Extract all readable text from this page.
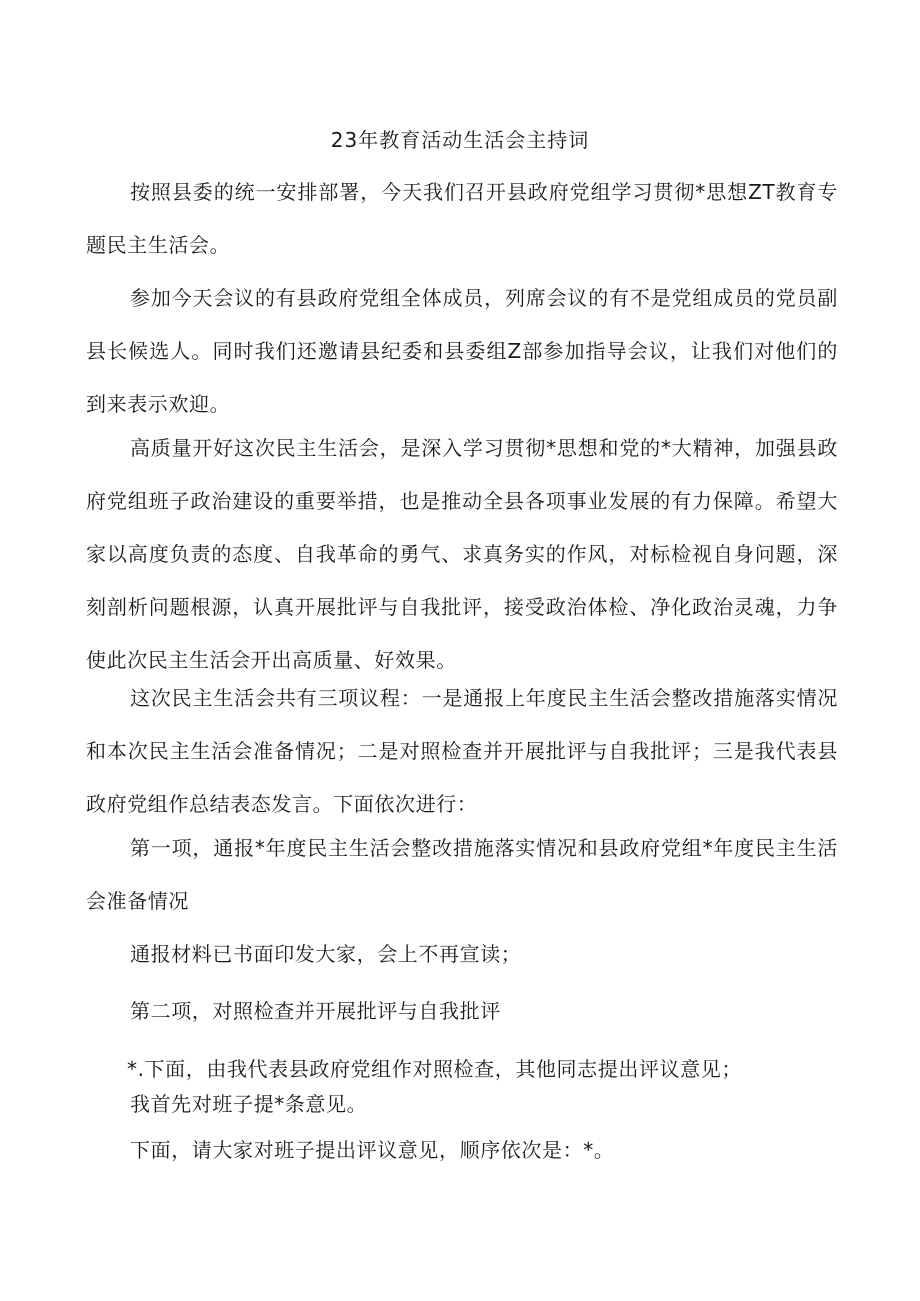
23年教育活动生活会主持词

按照县委的统一安排部署，今天我们召开县政府党组学习贯彻*思想ZT教育专题民主生活会。

参加今天会议的有县政府党组全体成员，列席会议的有不是党组成员的党员副县长候选人。同时我们还邀请县纪委和县委组Z部参加指导会议，让我们对他们的到来表示欢迎。

高质量开好这次民主生活会，是深入学习贯彻*思想和党的*大精神，加强县政府党组班子政治建设的重要举措，也是推动全县各项事业发展的有力保障。希望大家以高度负责的态度、自我革命的勇气、求真务实的作风，对标检视自身问题，深刻剖析问题根源，认真开展批评与自我批评，接受政治体检、净化政治灵魂，力争使此次民主生活会开出高质量、好效果。

这次民主生活会共有三项议程：一是通报上年度民主生活会整改措施落实情况和本次民主生活会准备情况；二是对照检查并开展批评与自我批评；三是我代表县政府党组作总结表态发言。下面依次进行：

第一项，通报*年度民主生活会整改措施落实情况和县政府党组*年度民主生活会准备情况

通报材料已书面印发大家，会上不再宣读；
第二项，对照检查并开展批评与自我批评
*.下面，由我代表县政府党组作对照检查，其他同志提出评议意见；
我首先对班子提*条意见。
下面，请大家对班子提出评议意见，顺序依次是：*。
